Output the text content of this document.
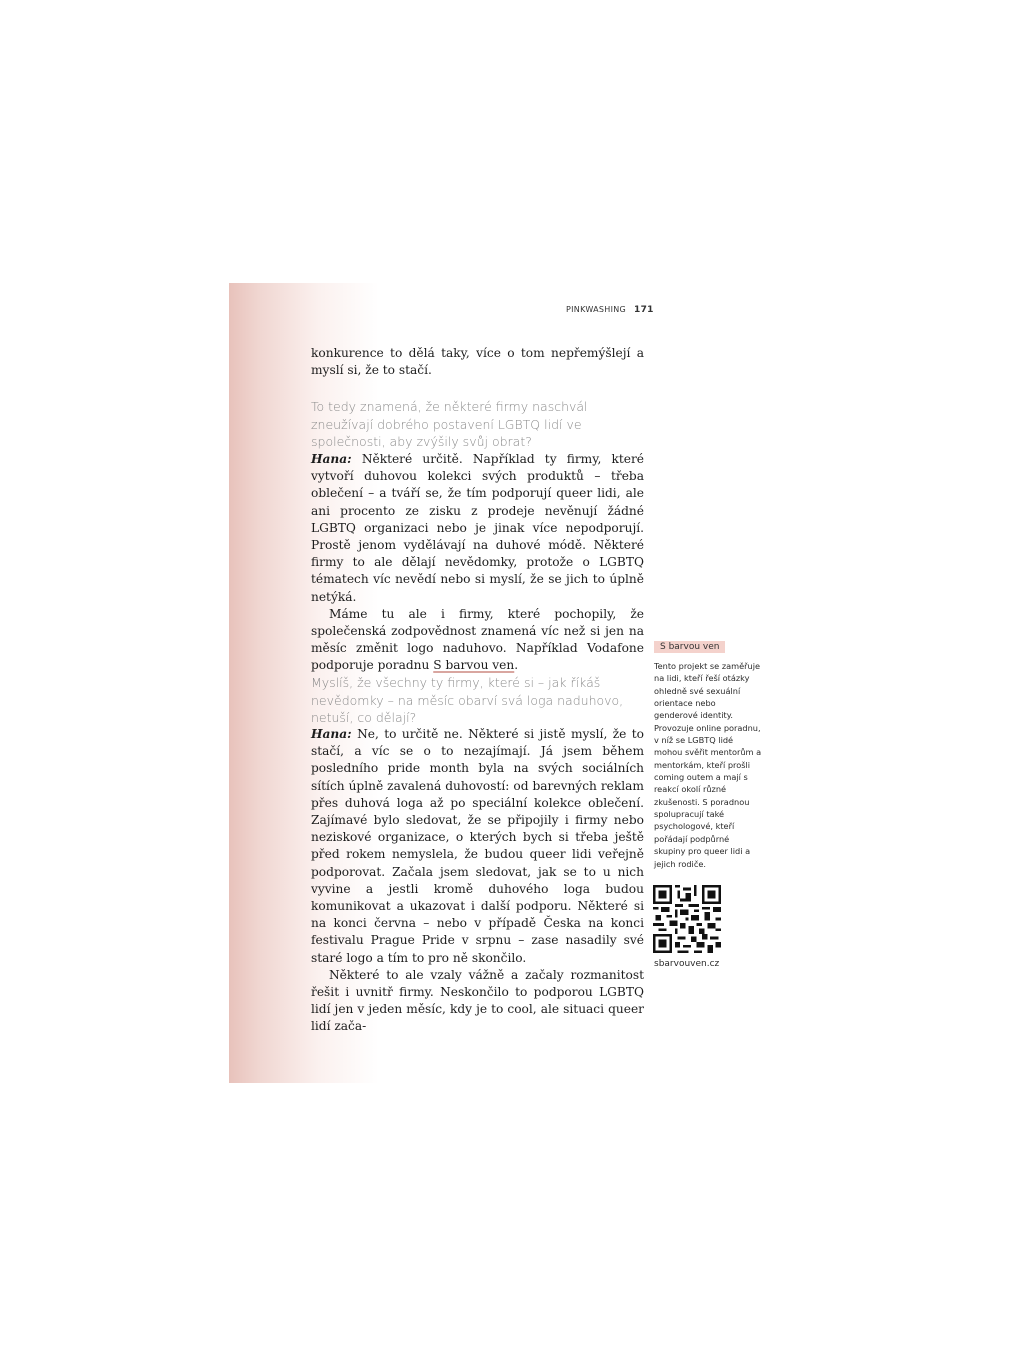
PINKWASHING 171

konkurence to dělá taky, více o tom nepřemýšlejí a myslí si, že to stačí.

To tedy znamená, že některé firmy naschvál zneužívají dobrého postavení LGBTQ lidí ve společnosti, aby zvýšily svůj obrat?

Hana: Některé určitě. Například ty firmy, které vytvoří duhovou kolekci svých produktů – třeba oblečení – a tváří se, že tím podporují queer lidi, ale ani procento ze zisku z prodeje nevěnují žádné LGBTQ organizaci nebo je jinak více nepodporují. Prostě jenom vydělávají na duhové módě. Některé firmy to ale dělají nevědomky, protože o LGBTQ tématech víc nevědí nebo si myslí, že se jich to úplně netýká.

Máme tu ale i firmy, které pochopily, že společenská zodpovědnost znamená víc než si jen na měsíc změnit logo naduhovo. Například Vodafone podporuje poradnu S barvou ven.

Myslíš, že všechny ty firmy, které si – jak říkáš nevědomky – na měsíc obarví svá loga naduhovo, netuší, co dělají?

Hana: Ne, to určitě ne. Některé si jistě myslí, že to stačí, a víc se o to nezajímají. Já jsem během posledního pride month byla na svých sociálních sítích úplně zavalená duhovostí: od barevných reklam přes duhová loga až po speciální kolekce oblečení. Zajímavé bylo sledovat, že se připojily i firmy nebo neziskové organizace, o kterých bych si třeba ještě před rokem nemyslela, že budou queer lidi veřejně podporovat. Začala jsem sledovat, jak se to u nich vyvine a jestli kromě duhového loga budou komunikovat a ukazovat i další podporu. Některé si na konci června – nebo v případě Česka na konci festivalu Prague Pride v srpnu – zase nasadily své staré logo a tím to pro ně skončilo.

Některé to ale vzaly vážně a začaly rozmanitost řešit i uvnitř firmy. Neskončilo to podporou LGBTQ lidí jen v jeden měsíc, kdy je to cool, ale situaci queer lidí zača-

S barvou ven
Tento projekt se zaměřuje na lidi, kteří řeší otázky ohledně své sexuální orientace nebo genderové identity. Provozuje online poradnu, v níž se LGBTQ lidé mohou svěřit mentorům a mentorkám, kteří prošli coming outem a mají s reakcí okolí různé zkušenosti. S poradnou spolupracují také psychologové, kteří pořádají podpůrné skupiny pro queer lidi a jejich rodiče.
sbarvouven.cz
